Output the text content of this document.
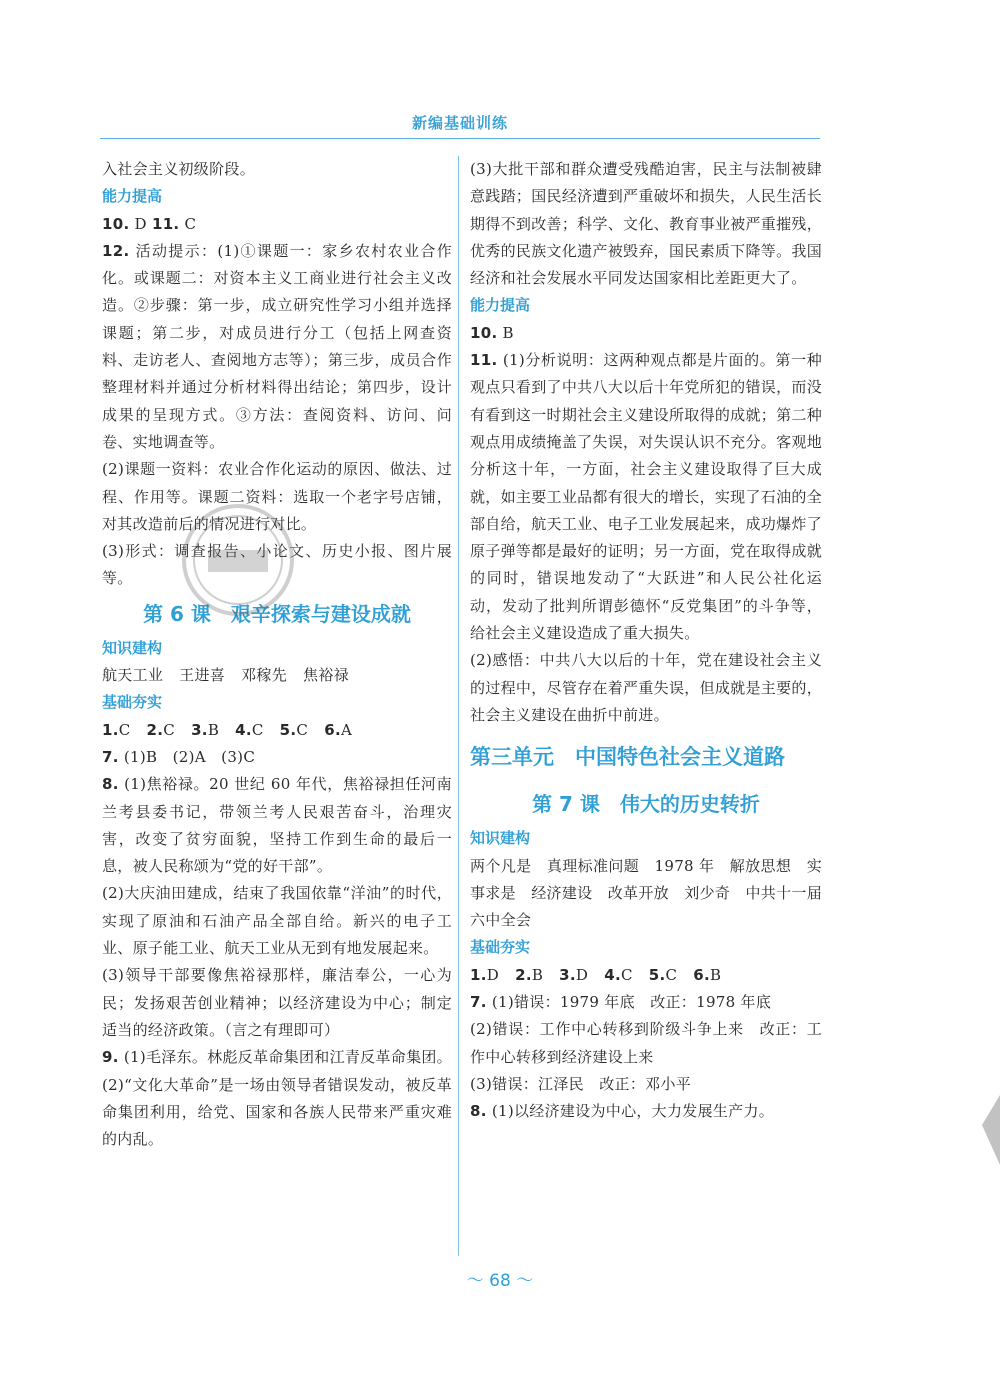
新编基础训练

入社会主义初级阶段。

能力提高

10. D 11. C

12. 活动提示：(1)①课题一：家乡农村农业合作化。或课题二：对资本主义工商业进行社会主义改造。②步骤：第一步，成立研究性学习小组并选择课题；第二步，对成员进行分工（包括上网查资料、走访老人、查阅地方志等）；第三步，成员合作整理材料并通过分析材料得出结论；第四步，设计成果的呈现方式。③方法：查阅资料、访问、问卷、实地调查等。

(2)课题一资料：农业合作化运动的原因、做法、过程、作用等。课题二资料：选取一个老字号店铺，对其改造前后的情况进行对比。

(3)形式：调查报告、小论文、历史小报、图片展等。

第 6 课　艰辛探索与建设成就

知识建构

航天工业 王进喜 邓稼先 焦裕禄

基础夯实

1.C 2.C 3.B 4.C 5.C 6.A

7. (1)B　(2)A　(3)C

8. (1)焦裕禄。20 世纪 60 年代，焦裕禄担任河南兰考县委书记，带领兰考人民艰苦奋斗，治理灾害，改变了贫穷面貌，坚持工作到生命的最后一息，被人民称颂为“党的好干部”。

(2)大庆油田建成，结束了我国依靠“洋油”的时代，实现了原油和石油产品全部自给。新兴的电子工业、原子能工业、航天工业从无到有地发展起来。

(3)领导干部要像焦裕禄那样，廉洁奉公，一心为民；发扬艰苦创业精神；以经济建设为中心；制定适当的经济政策。（言之有理即可）

9. (1)毛泽东。林彪反革命集团和江青反革命集团。

(2)“文化大革命”是一场由领导者错误发动，被反革命集团利用，给党、国家和各族人民带来严重灾难的内乱。

(3)大批干部和群众遭受残酷迫害，民主与法制被肆意践踏；国民经济遭到严重破坏和损失，人民生活长期得不到改善；科学、文化、教育事业被严重摧残，优秀的民族文化遗产被毁弃，国民素质下降等。我国经济和社会发展水平同发达国家相比差距更大了。

能力提高

10. B

11. (1)分析说明：这两种观点都是片面的。第一种观点只看到了中共八大以后十年党所犯的错误，而没有看到这一时期社会主义建设所取得的成就；第二种观点用成绩掩盖了失误，对失误认识不充分。客观地分析这十年，一方面，社会主义建设取得了巨大成就，如主要工业品都有很大的增长，实现了石油的全部自给，航天工业、电子工业发展起来，成功爆炸了原子弹等都是最好的证明；另一方面，党在取得成就的同时，错误地发动了“大跃进”和人民公社化运动，发动了批判所谓彭德怀“反党集团”的斗争等，给社会主义建设造成了重大损失。

(2)感悟：中共八大以后的十年，党在建设社会主义的过程中，尽管存在着严重失误，但成就是主要的，社会主义建设在曲折中前进。

第三单元　中国特色社会主义道路
第 7 课　伟大的历史转折

知识建构

两个凡是　真理标准问题　1978 年　解放思想　实事求是　经济建设　改革开放　刘少奇　中共十一届六中全会

基础夯实

1.D 2.B 3.D 4.C 5.C 6.B

7. (1)错误：1979 年底　改正：1978 年底

(2)错误：工作中心转移到阶级斗争上来　改正：工作中心转移到经济建设上来

(3)错误：江泽民　改正：邓小平

8. (1)以经济建设为中心，大力发展生产力。

～ 68 ～
